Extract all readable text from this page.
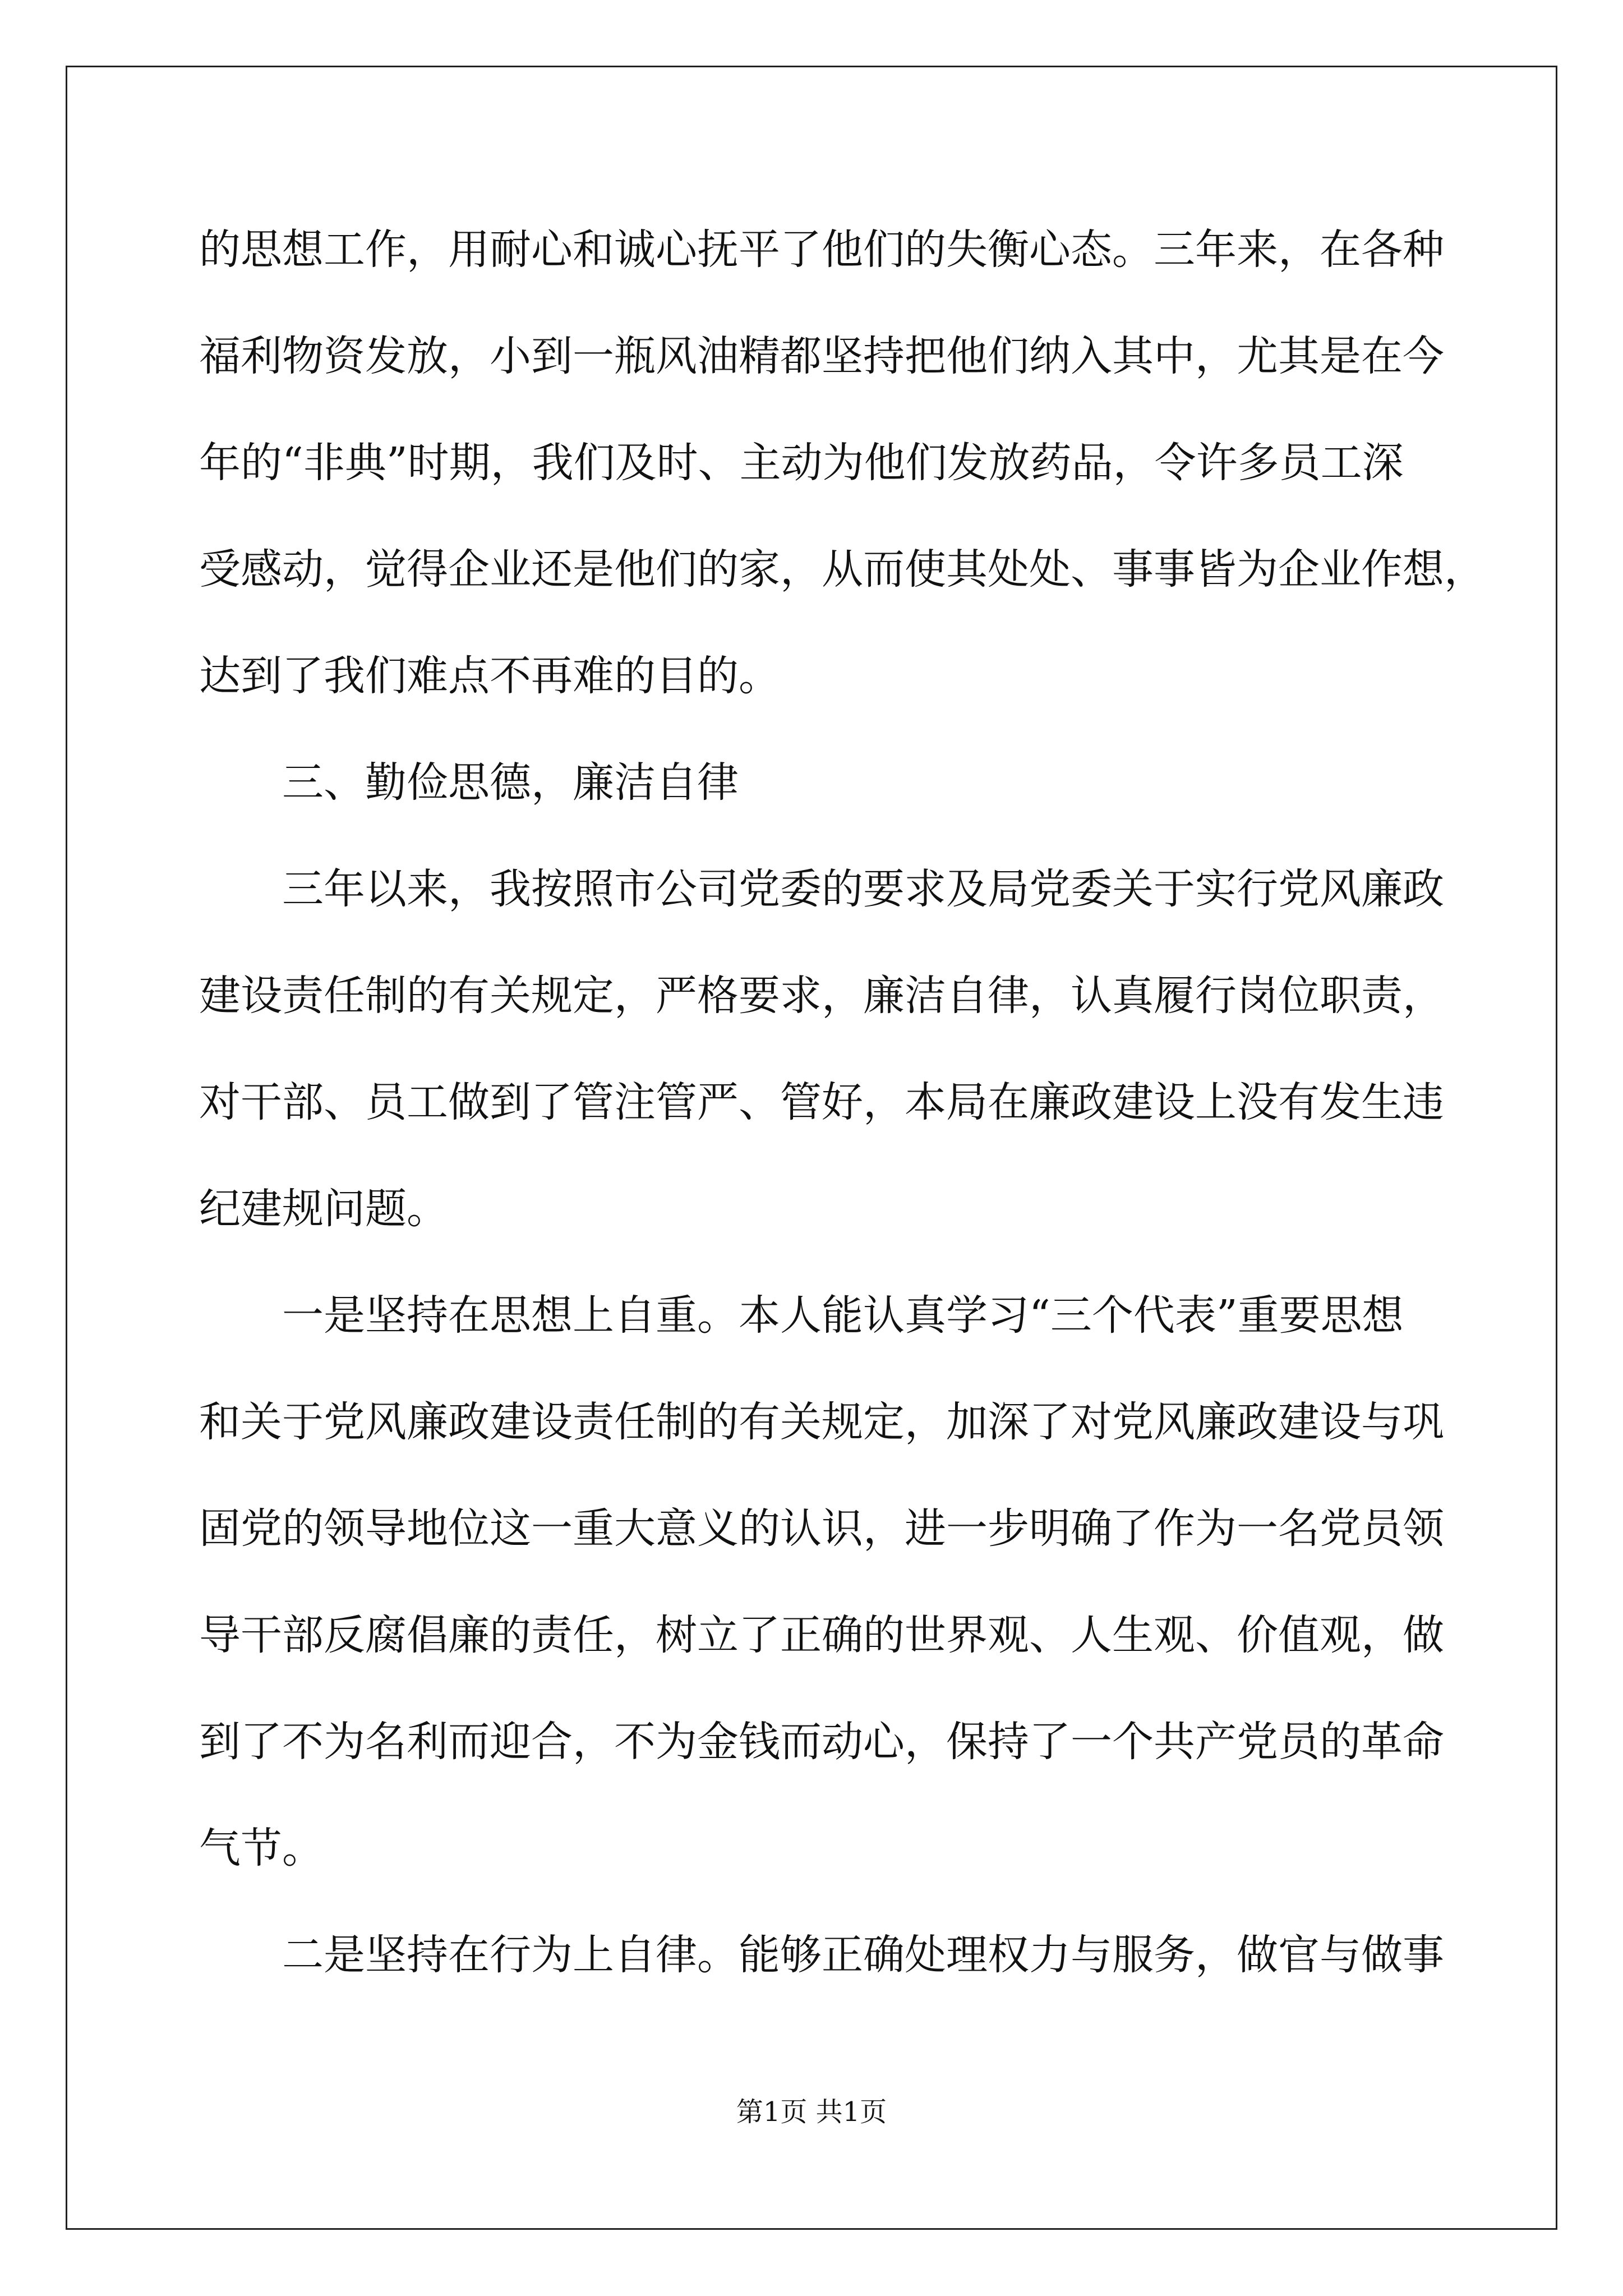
的思想工作，用耐心和诚心抚平了他们的失衡心态。三年来，在各种
福利物资发放，小到一瓶风油精都坚持把他们纳入其中，尤其是在今
年的“非典”时期，我们及时、主动为他们发放药品，令许多员工深
受感动，觉得企业还是他们的家，从而使其处处、事事皆为企业作想，
达到了我们难点不再难的目的。
三、勤俭思德，廉洁自律
三年以来，我按照市公司党委的要求及局党委关于实行党风廉政
建设责任制的有关规定，严格要求，廉洁自律，认真履行岗位职责，
对干部、员工做到了管注管严、管好，本局在廉政建设上没有发生违
纪建规问题。
一是坚持在思想上自重。本人能认真学习“三个代表”重要思想
和关于党风廉政建设责任制的有关规定，加深了对党风廉政建设与巩
固党的领导地位这一重大意义的认识，进一步明确了作为一名党员领
导干部反腐倡廉的责任，树立了正确的世界观、人生观、价值观，做
到了不为名利而迎合，不为金钱而动心，保持了一个共产党员的革命
气节。
二是坚持在行为上自律。能够正确处理权力与服务，做官与做事
第1页 共1页
